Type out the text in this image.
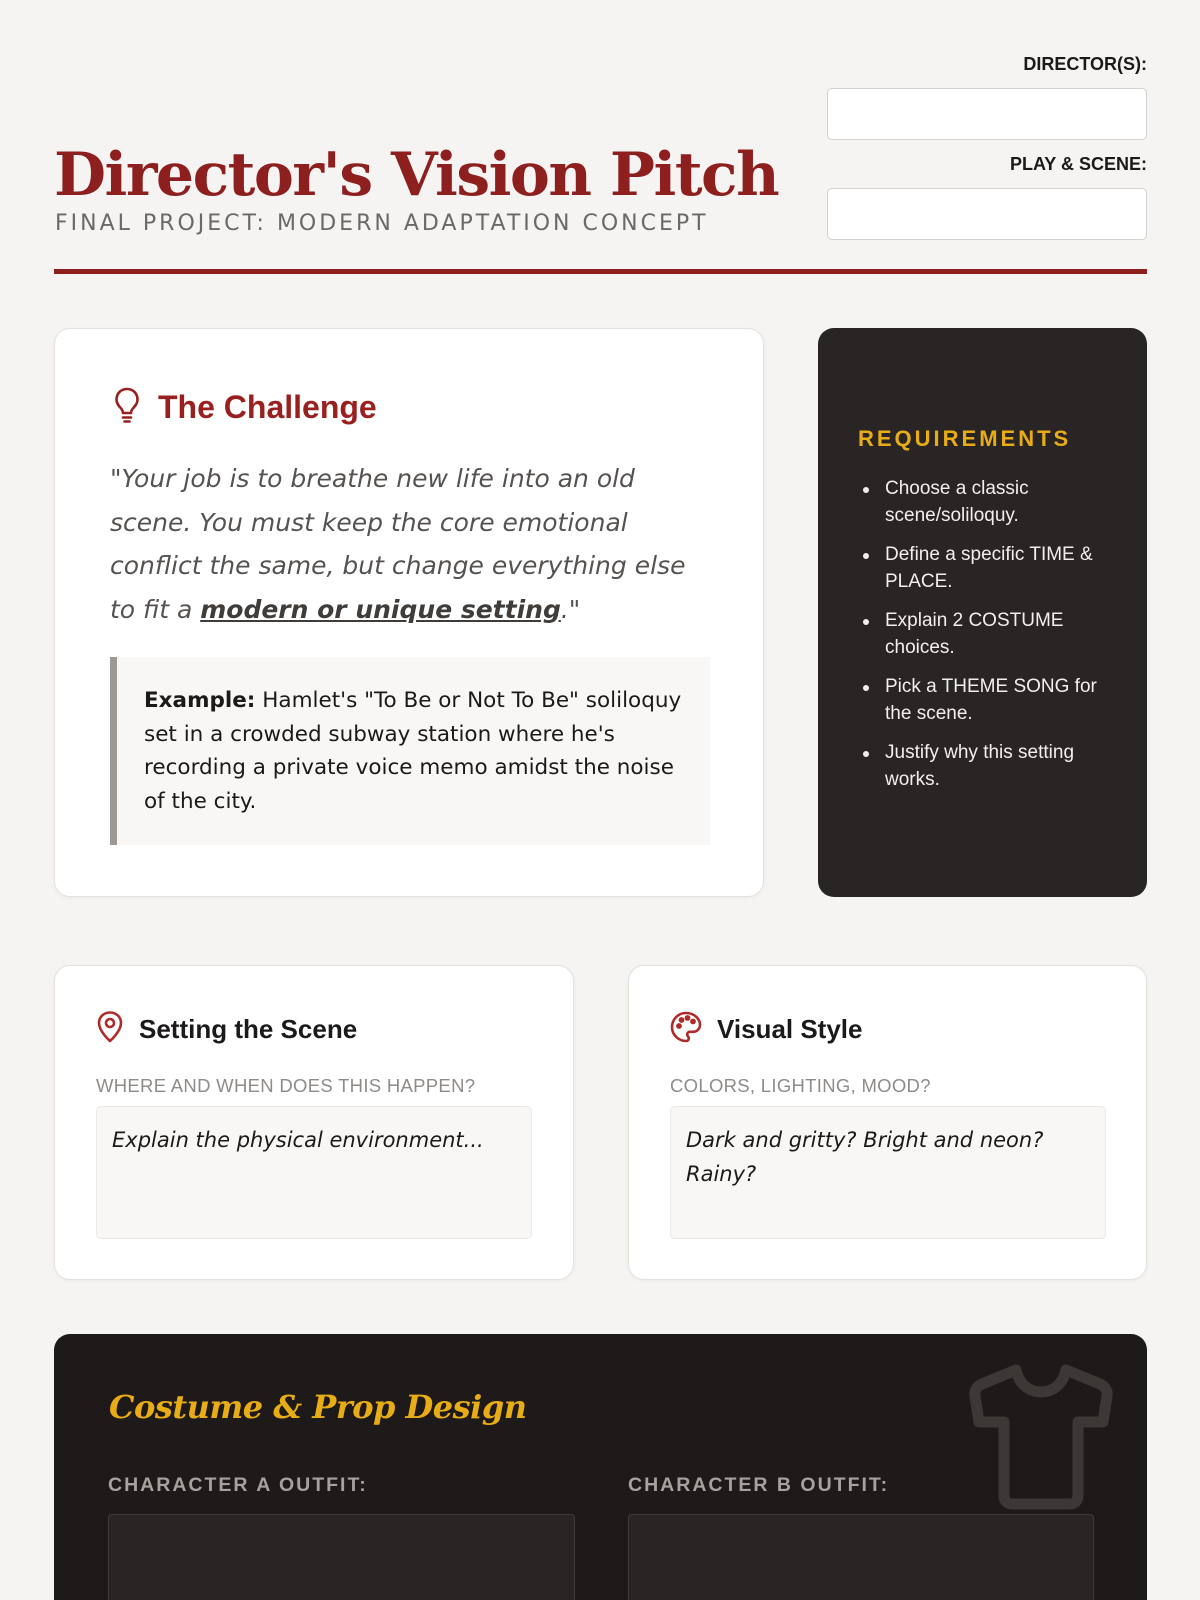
Director's Vision Pitch
FINAL PROJECT: MODERN ADAPTATION CONCEPT
DIRECTOR(S):
PLAY & SCENE:
The Challenge

"Your job is to breathe new life into an old scene. You must keep the core emotional conflict the same, but change everything else to fit a modern or unique setting."

Example: Hamlet's "To Be or Not To Be" soliloquy set in a crowded subway station where he's recording a private voice memo amidst the noise of the city.
REQUIREMENTS
Choose a classic scene/soliloquy.
Define a specific TIME & PLACE.
Explain 2 COSTUME choices.
Pick a THEME SONG for the scene.
Justify why this setting works.
Setting the Scene
WHERE AND WHEN DOES THIS HAPPEN?
Explain the physical environment...
Visual Style
COLORS, LIGHTING, MOOD?
Dark and gritty? Bright and neon? Rainy?
Costume & Prop Design
CHARACTER A OUTFIT:	CHARACTER B OUTFIT:
